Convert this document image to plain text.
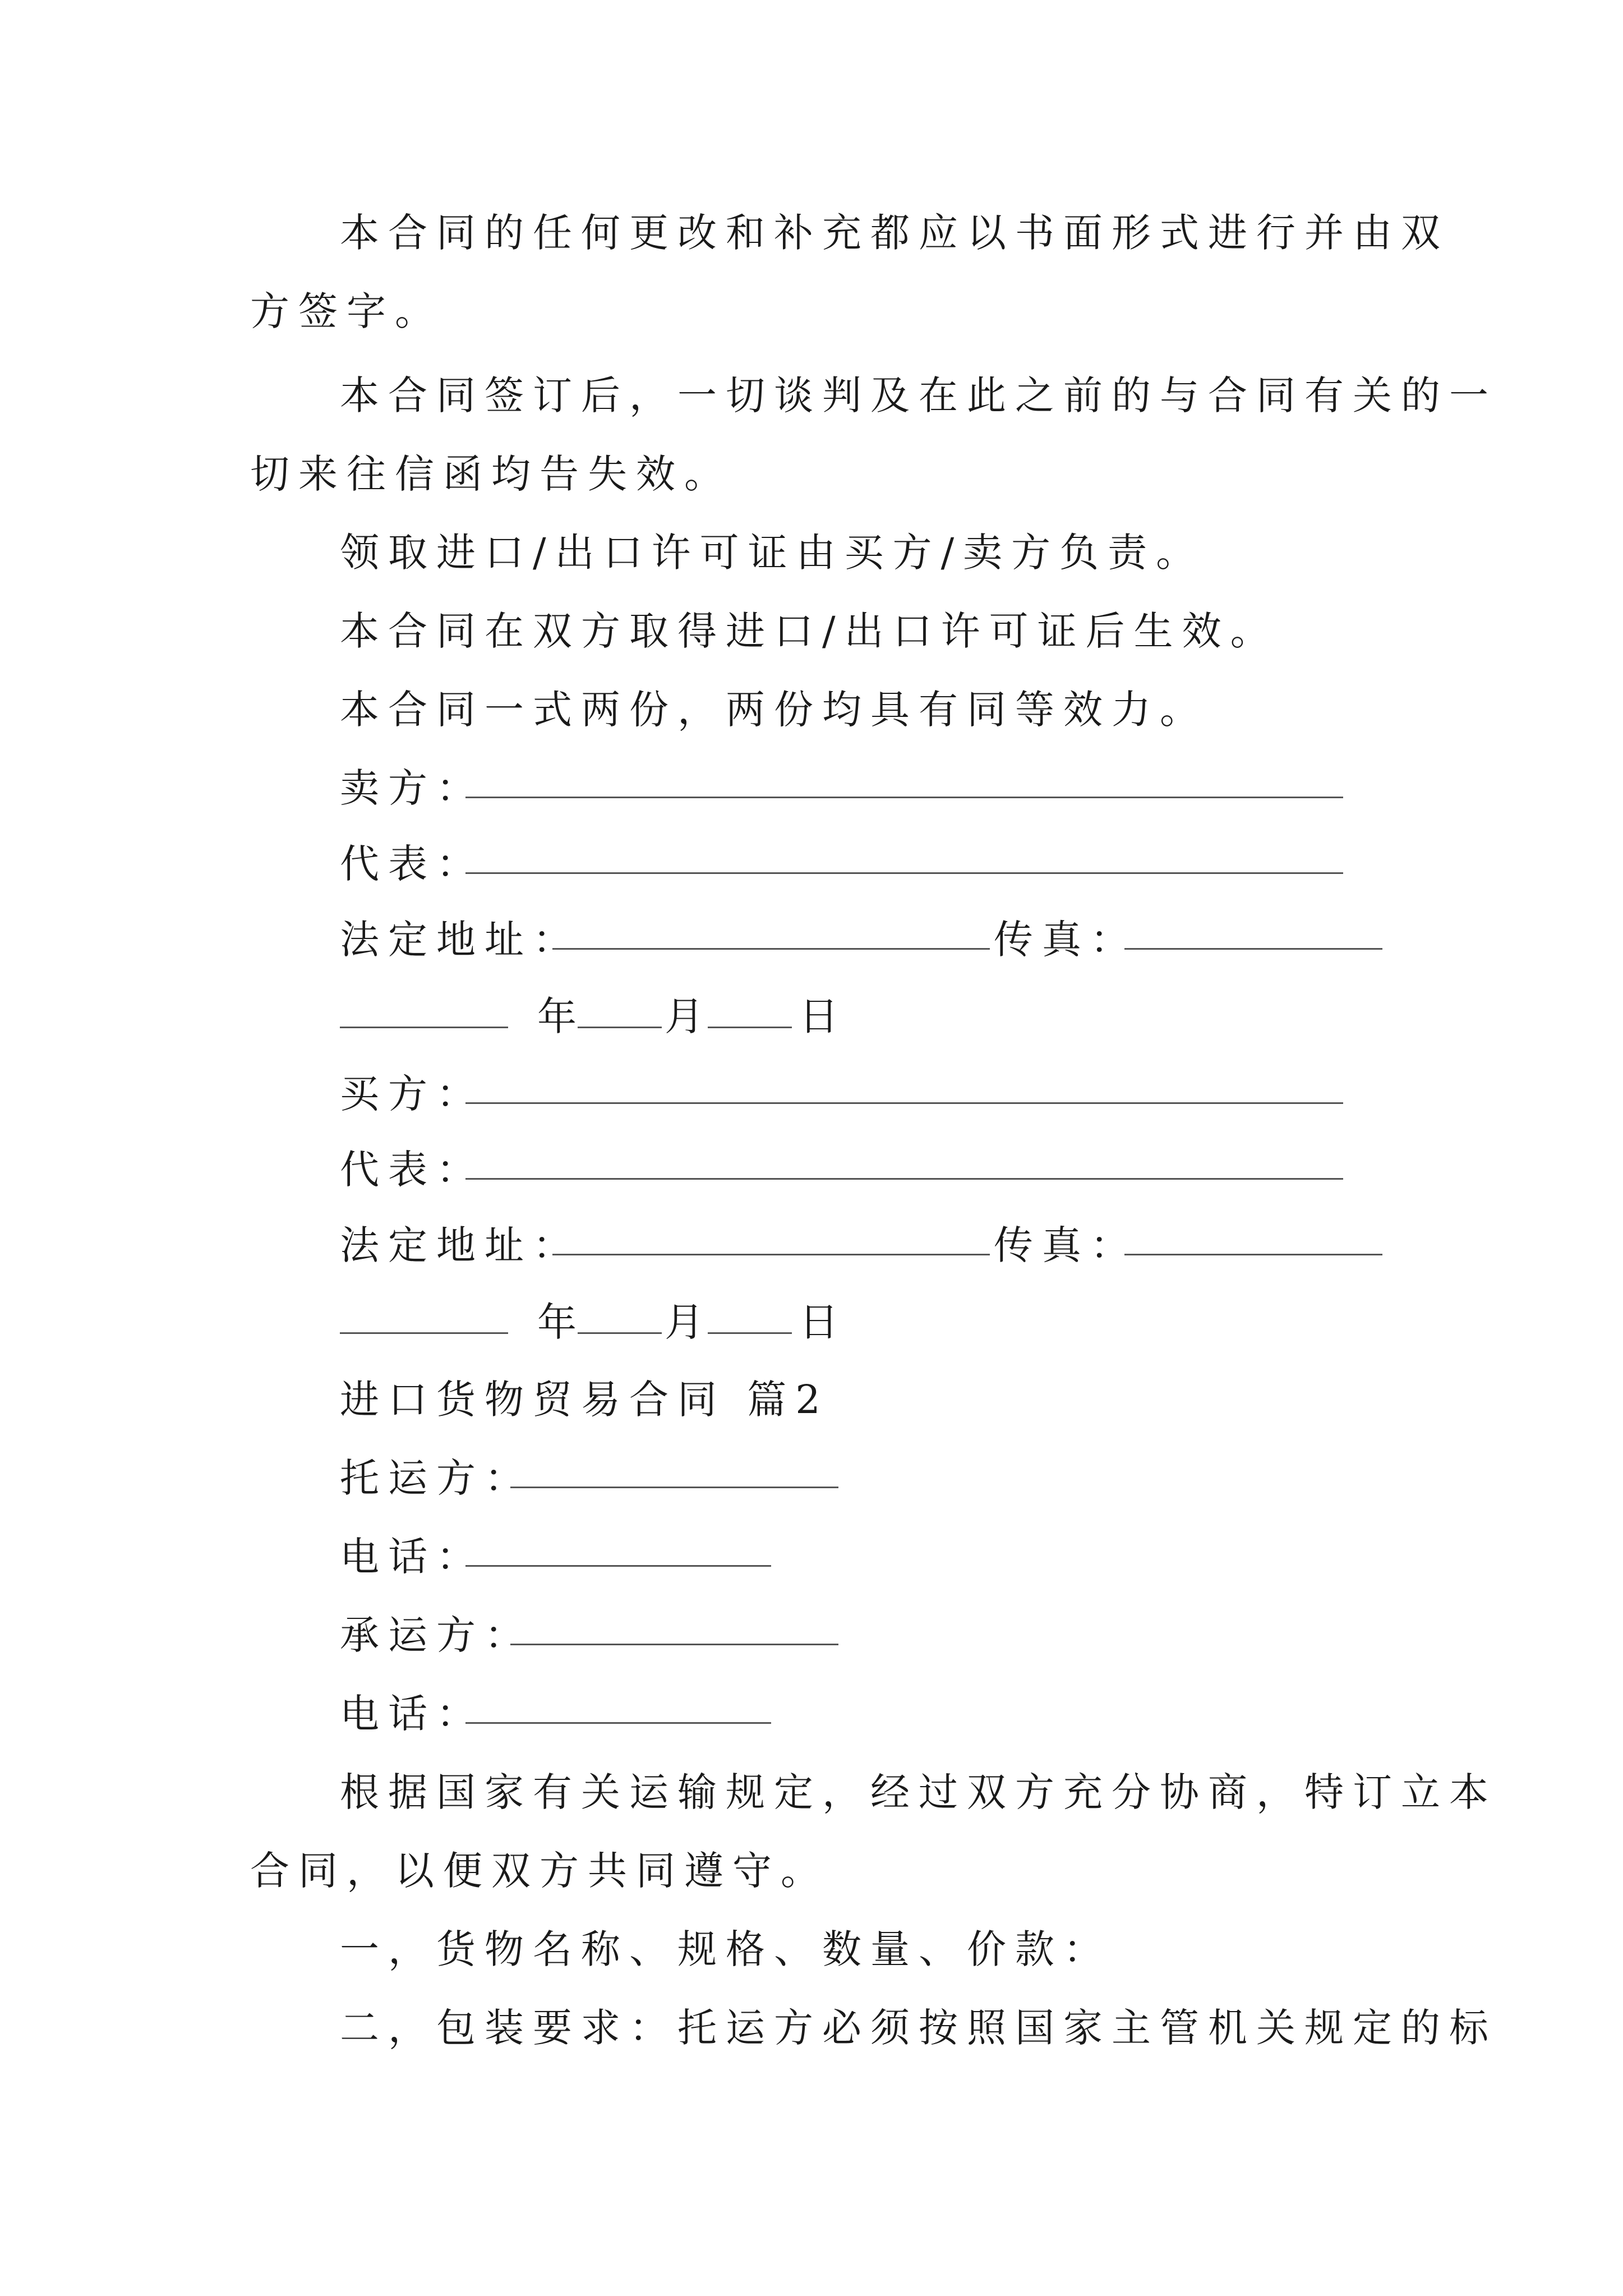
本合同的任何更改和补充都应以书面形式进行并由双
方签字。
本合同签订后，一切谈判及在此之前的与合同有关的一
切来往信函均告失效。
领取进口/出口许可证由买方/卖方负责。
本合同在双方取得进口/出口许可证后生效。
本合同一式两份，两份均具有同等效力。
卖方：
代表：
法定地址：	传真：
年 月 日
买方：
代表：
法定地址：	传真：
年 月 日
进口货物贸易合同 篇2
托运方：
电话：
承运方：
电话：
根据国家有关运输规定，经过双方充分协商，特订立本
合同，以便双方共同遵守。
一，货物名称、规格、数量、价款：
二，包装要求：托运方必须按照国家主管机关规定的标
